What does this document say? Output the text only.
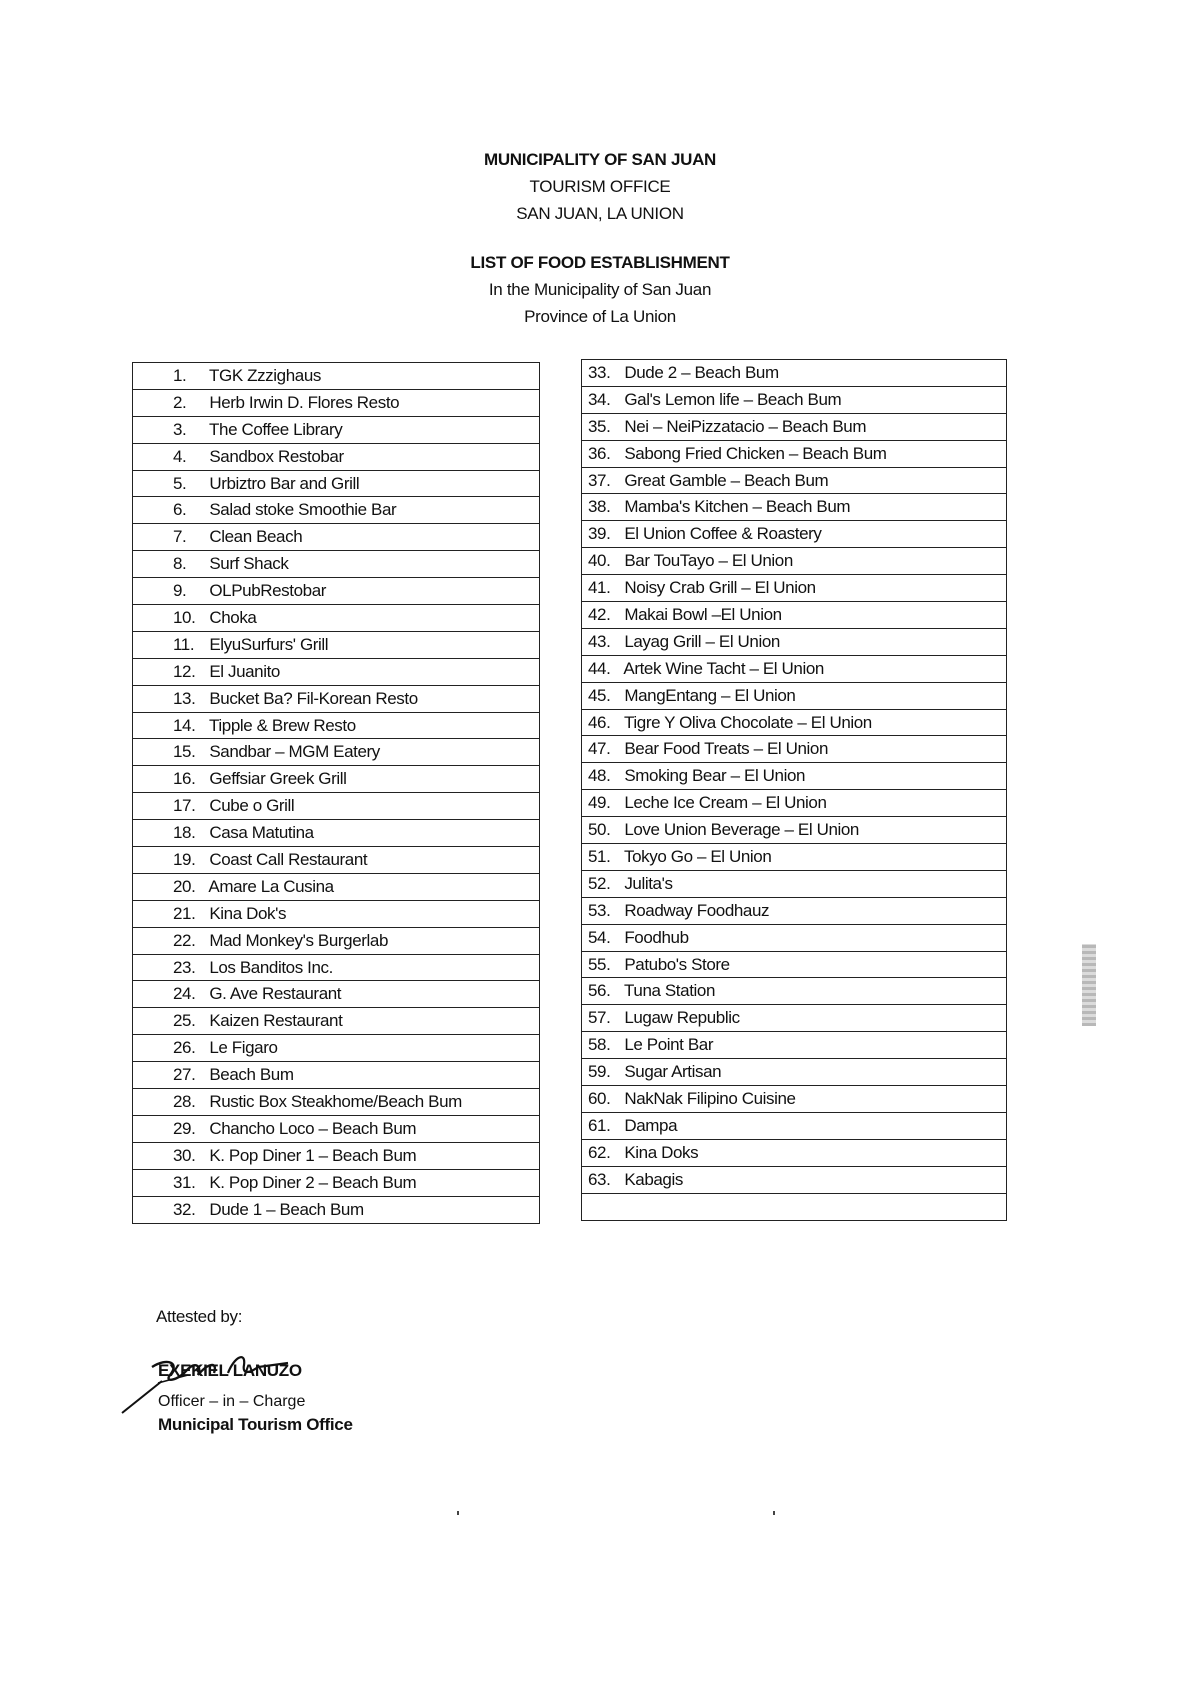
MUNICIPALITY OF SAN JUAN
TOURISM OFFICE
SAN JUAN, LA UNION
LIST OF FOOD ESTABLISHMENT
In the Municipality of San Juan
Province of La Union
1. TGK Zzzighaus
2. Herb Irwin D. Flores Resto
3. The Coffee Library
4. Sandbox Restobar
5. Urbiztro Bar and Grill
6. Salad stoke Smoothie Bar
7. Clean Beach
8. Surf Shack
9. OLPubRestobar
10. Choka
11. ElyuSurfurs' Grill
12. El Juanito
13. Bucket Ba? Fil-Korean Resto
14. Tipple & Brew Resto
15. Sandbar – MGM Eatery
16. Geffsiar Greek Grill
17. Cube o Grill
18. Casa Matutina
19. Coast Call Restaurant
20. Amare La Cusina
21. Kina Dok's
22. Mad Monkey's Burgerlab
23. Los Banditos Inc.
24. G. Ave Restaurant
25. Kaizen Restaurant
26. Le Figaro
27. Beach Bum
28. Rustic Box Steakhome/Beach Bum
29. Chancho Loco – Beach Bum
30. K. Pop Diner 1 – Beach Bum
31. K. Pop Diner 2 – Beach Bum
32. Dude 1 – Beach Bum
33. Dude 2 – Beach Bum
34. Gal's Lemon life – Beach Bum
35. Nei – NeiPizzatacio – Beach Bum
36. Sabong Fried Chicken – Beach Bum
37. Great Gamble – Beach Bum
38. Mamba's Kitchen – Beach Bum
39. El Union Coffee & Roastery
40. Bar TouTayo – El Union
41. Noisy Crab Grill – El Union
42. Makai Bowl –El Union
43. Layag Grill – El Union
44. Artek Wine Tacht – El Union
45. MangEntang – El Union
46. Tigre Y Oliva Chocolate – El Union
47. Bear Food Treats – El Union
48. Smoking Bear – El Union
49. Leche Ice Cream – El Union
50. Love Union Beverage – El Union
51. Tokyo Go – El Union
52. Julita's
53. Roadway Foodhauz
54. Foodhub
55. Patubo's Store
56. Tuna Station
57. Lugaw Republic
58. Le Point Bar
59. Sugar Artisan
60. NakNak Filipino Cuisine
61. Dampa
62. Kina Doks
63. Kabagis

Attested by:
EXEKIEL LANUZO
Officer – in – Charge
Municipal Tourism Office
